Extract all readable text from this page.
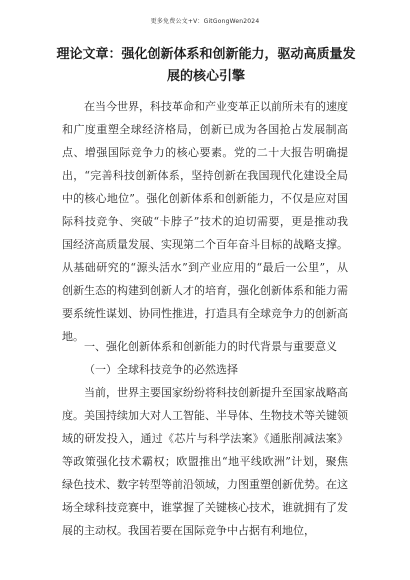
更多免费公文+V：GitGongWen2024
理论文章：强化创新体系和创新能力，驱动高质量发展的核心引擎
在当今世界，科技革命和产业变革正以前所未有的速度和广度重塑全球经济格局，创新已成为各国抢占发展制高点、增强国际竞争力的核心要素。党的二十大报告明确提出，“完善科技创新体系，坚持创新在我国现代化建设全局中的核心地位”。强化创新体系和创新能力，不仅是应对国际科技竞争、突破“卡脖子”技术的迫切需要，更是推动我国经济高质量发展、实现第二个百年奋斗目标的战略支撑。从基础研究的“源头活水”到产业应用的“最后一公里”，从创新生态的构建到创新人才的培育，强化创新体系和能力需要系统性谋划、协同性推进，打造具有全球竞争力的创新高地。
一、强化创新体系和创新能力的时代背景与重要意义
（一）全球科技竞争的必然选择
当前，世界主要国家纷纷将科技创新提升至国家战略高度。美国持续加大对人工智能、半导体、生物技术等关键领域的研发投入，通过《芯片与科学法案》《通胀削减法案》等政策强化技术霸权；欧盟推出“地平线欧洲”计划，聚焦绿色技术、数字转型等前沿领域，力图重塑创新优势。在这场全球科技竞赛中，谁掌握了关键核心技术，谁就拥有了发展的主动权。我国若要在国际竞争中占据有利地位，
